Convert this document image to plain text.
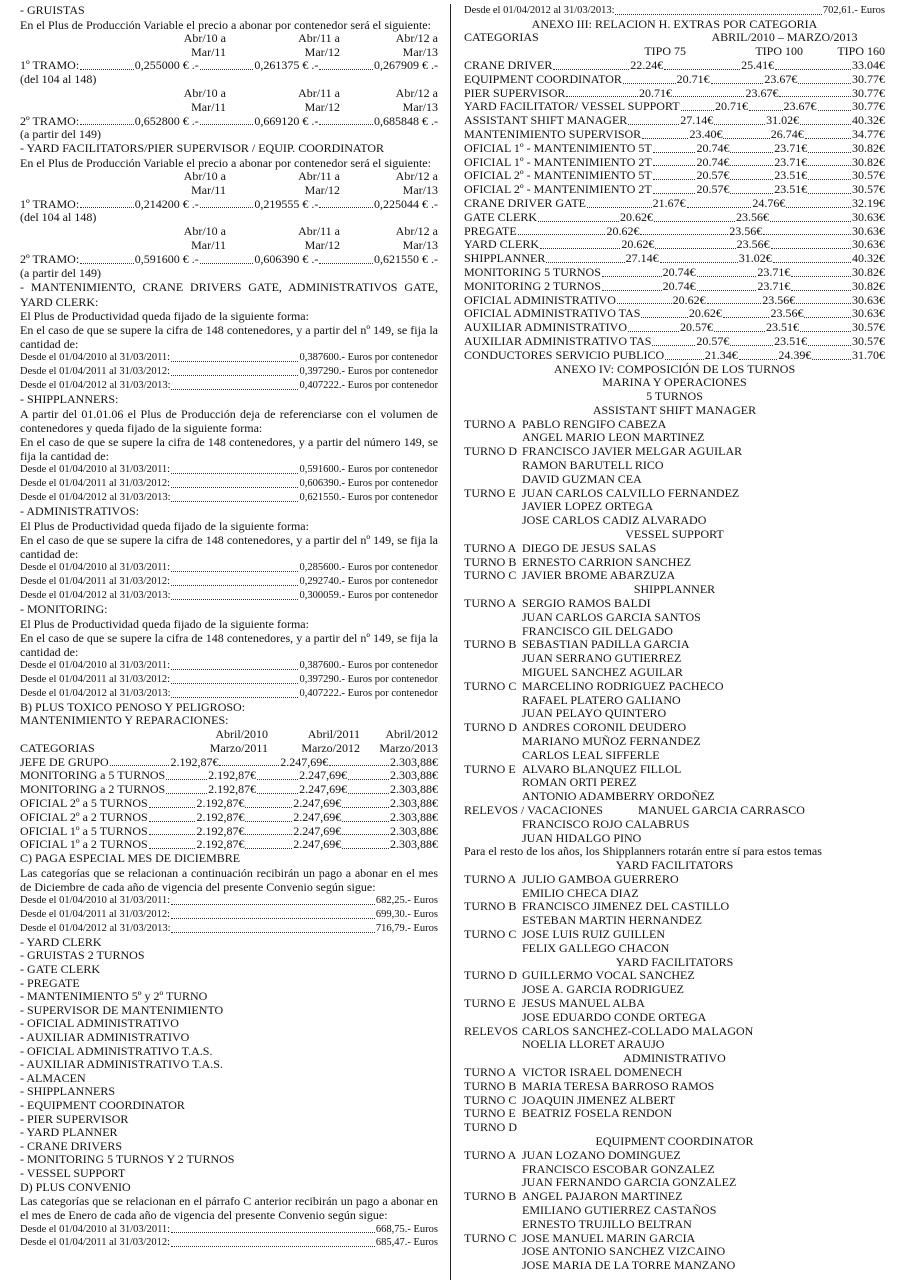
- GRUISTAS
En el Plus de Producción Variable el precio a abonar por contenedor será el siguiente:
Abr/10 a	Abr/11 a	Abr/12 a
Mar/11	Mar/12	Mar/13
1º TRAMO:	0,255000 € .-	0,261375 € .-	0,267909 € .-
(del 104 al 148)
Abr/10 a	Abr/11 a	Abr/12 a
Mar/11	Mar/12	Mar/13
2º TRAMO:	0,652800 € .-	0,669120 € .-	0,685848 € .-
(a partir del 149)
- YARD FACILITATORS/PIER SUPERVISOR / EQUIP. COORDINATOR
En el Plus de Producción Variable el precio a abonar por contenedor será el siguiente:
Abr/10 a	Abr/11 a	Abr/12 a
Mar/11	Mar/12	Mar/13
1º TRAMO:	0,214200 € .-	0,219555 € .-	0,225044 € .-
(del 104 al 148)
Abr/10 a	Abr/11 a	Abr/12 a
Mar/11	Mar/12	Mar/13
2º TRAMO:	0,591600 € .-	0,606390 € .-	0,621550 € .-
(a partir del 149)
- MANTENIMIENTO, CRANE DRIVERS GATE, ADMINISTRATIVOS GATE, YARD CLERK:
El Plus de Productividad queda fijado de la siguiente forma:
En el caso de que se supere la cifra de 148 contenedores, y a partir del nº 149, se fija la cantidad de:
Desde el 01/04/2010 al 31/03/2011:	0,387600.- Euros por contenedor
Desde el 01/04/2011 al 31/03/2012:	0,397290.- Euros por contenedor
Desde el 01/04/2012 al 31/03/2013:	0,407222.- Euros por contenedor
- SHIPPLANNERS:
A partir del 01.01.06 el Plus de Producción deja de referenciarse con el volumen de contenedores y queda fijado de la siguiente forma:
En el caso de que se supere la cifra de 148 contenedores, y a partir del número 149, se fija la cantidad de:
Desde el 01/04/2010 al 31/03/2011:	0,591600.- Euros por contenedor
Desde el 01/04/2011 al 31/03/2012:	0,606390.- Euros por contenedor
Desde el 01/04/2012 al 31/03/2013:	0,621550.- Euros por contenedor
- ADMINISTRATIVOS:
El Plus de Productividad queda fijado de la siguiente forma:
En el caso de que se supere la cifra de 148 contenedores, y a partir del nº 149, se fija la cantidad de:
Desde el 01/04/2010 al 31/03/2011:	0,285600.- Euros por contenedor
Desde el 01/04/2011 al 31/03/2012:	0,292740.- Euros por contenedor
Desde el 01/04/2012 al 31/03/2013:	0,300059.- Euros por contenedor
- MONITORING:
El Plus de Productividad queda fijado de la siguiente forma:
En el caso de que se supere la cifra de 148 contenedores, y a partir del nº 149, se fija la cantidad de:
Desde el 01/04/2010 al 31/03/2011:	0,387600.- Euros por contenedor
Desde el 01/04/2011 al 31/03/2012:	0,397290.- Euros por contenedor
Desde el 01/04/2012 al 31/03/2013:	0,407222.- Euros por contenedor
B) PLUS TOXICO PENOSO Y PELIGROSO:
MANTENIMIENTO Y REPARACIONES:
Abril/2010	Abril/2011	Abril/2012
CATEGORIAS	Marzo/2011	Marzo/2012	Marzo/2013
JEFE DE GRUPO	2.192,87€	2.247,69€	2.303,88€
MONITORING a 5 TURNOS	2.192,87€	2.247,69€	2.303,88€
MONITORING a 2 TURNOS	2.192,87€	2.247,69€	2.303,88€
OFICIAL 2º a 5 TURNOS	2.192,87€	2.247,69€	2.303,88€
OFICIAL 2º a 2 TURNOS	2.192,87€	2.247,69€	2.303,88€
OFICIAL 1º a 5 TURNOS	2.192,87€	2.247,69€	2.303,88€
OFICIAL 1º a 2 TURNOS	2.192,87€	2.247,69€	2.303,88€
C) PAGA ESPECIAL MES DE DICIEMBRE
Las categorías que se relacionan a continuación recibirán un pago a abonar en el mes de Diciembre de cada año de vigencia del presente Convenio según sigue:
Desde el 01/04/2010 al 31/03/2011:	682,25.- Euros
Desde el 01/04/2011 al 31/03/2012:	699,30.- Euros
Desde el 01/04/2012 al 31/03/2013:	716,79.- Euros
- YARD CLERK
- GRUISTAS 2 TURNOS
- GATE CLERK
- PREGATE
- MANTENIMIENTO 5º y 2º TURNO
- SUPERVISOR DE MANTENIMIENTO
- OFICIAL ADMINISTRATIVO
- AUXILIAR ADMINISTRATIVO
- OFICIAL ADMINISTRATIVO T.A.S.
- AUXILIAR ADMINISTRATIVO T.A.S.
- ALMACEN
- SHIPPLANNERS
- EQUIPMENT COORDINATOR
- PIER SUPERVISOR
- YARD PLANNER
- CRANE DRIVERS
- MONITORING 5 TURNOS Y 2 TURNOS
- VESSEL SUPPORT
D) PLUS CONVENIO
Las categorías que se relacionan en el párrafo C anterior recibirán un pago a abonar en el mes de Enero de cada año de vigencia del presente Convenio según sigue:
Desde el 01/04/2010 al 31/03/2011:	668,75.- Euros
Desde el 01/04/2011 al 31/03/2012:	685,47.- Euros
Desde el 01/04/2012 al 31/03/2013:	702,61.- Euros
ANEXO III: RELACION H. EXTRAS POR CATEGORIA
CATEGORIAS	ABRIL/2010 – MARZO/2013
TIPO 75	TIPO 100	TIPO 160
CRANE DRIVER	22.24€	25.41€	33.04€
EQUIPMENT COORDINATOR	20.71€	23.67€	30.77€
PIER SUPERVISOR	20.71€	23.67€	30.77€
YARD FACILITATOR/ VESSEL SUPPORT	20.71€	23.67€	30.77€
ASSISTANT SHIFT MANAGER	27.14€	31.02€	40.32€
MANTENIMIENTO SUPERVISOR	23.40€	26.74€	34.77€
OFICIAL 1º - MANTENIMIENTO 5T	20.74€	23.71€	30.82€
OFICIAL 1º - MANTENIMIENTO 2T	20.74€	23.71€	30.82€
OFICIAL 2º - MANTENIMIENTO 5T	20.57€	23.51€	30.57€
OFICIAL 2º - MANTENIMIENTO 2T	20.57€	23.51€	30.57€
CRANE DRIVER GATE	21.67€	24.76€	32.19€
GATE CLERK	20.62€	23.56€	30.63€
PREGATE	20.62€	23.56€	30.63€
YARD CLERK	20.62€	23.56€	30.63€
SHIPPLANNER	27.14€	31.02€	40.32€
MONITORING 5 TURNOS	20.74€	23.71€	30.82€
MONITORING 2 TURNOS	20.74€	23.71€	30.82€
OFICIAL ADMINISTRATIVO	20.62€	23.56€	30.63€
OFICIAL ADMINISTRATIVO TAS	20.62€	23.56€	30.63€
AUXILIAR ADMINISTRATIVO	20.57€	23.51€	30.57€
AUXILIAR ADMINISTRATIVO TAS	20.57€	23.51€	30.57€
CONDUCTORES SERVICIO PUBLICO	21.34€	24.39€	31.70€
ANEXO IV: COMPOSICIÓN DE LOS TURNOS
MARINA Y OPERACIONES
5 TURNOS
ASSISTANT SHIFT MANAGER
TURNO A PABLO RENGIFO CABEZA
ANGEL MARIO LEON MARTINEZ
TURNO D FRANCISCO JAVIER MELGAR AGUILAR
RAMON BARUTELL RICO
DAVID GUZMAN CEA
TURNO E JUAN CARLOS CALVILLO FERNANDEZ
JAVIER LOPEZ ORTEGA
JOSE CARLOS CADIZ ALVARADO
VESSEL SUPPORT
TURNO A DIEGO DE JESUS SALAS
TURNO B ERNESTO CARRION SANCHEZ
TURNO C JAVIER BROME ABARZUZA
SHIPPLANNER
TURNO A SERGIO RAMOS BALDI
JUAN CARLOS GARCIA SANTOS
FRANCISCO GIL DELGADO
TURNO B SEBASTIAN PADILLA GARCIA
JUAN SERRANO GUTIERREZ
MIGUEL SANCHEZ AGUILAR
TURNO C MARCELINO RODRIGUEZ PACHECO
RAFAEL PLATERO GALIANO
JUAN PELAYO QUINTERO
TURNO D ANDRES CORONIL DEUDERO
MARIANO MUÑOZ FERNANDEZ
CARLOS LEAL SIFFERLE
TURNO E ALVARO BLANQUEZ FILLOL
ROMAN ORTI PEREZ
ANTONIO ADAMBERRY ORDOÑEZ
RELEVOS / VACACIONES	MANUEL GARCIA CARRASCO
FRANCISCO ROJO CALABRUS
JUAN HIDALGO PINO
Para el resto de los años, los Shipplanners rotarán entre sí para estos temas
YARD FACILITATORS
TURNO A JULIO GAMBOA GUERRERO
EMILIO CHECA DIAZ
TURNO B FRANCISCO JIMENEZ DEL CASTILLO
ESTEBAN MARTIN HERNANDEZ
TURNO C JOSE LUIS RUIZ GUILLEN
FELIX GALLEGO CHACON
YARD FACILITATORS
TURNO D GUILLERMO VOCAL SANCHEZ
JOSE A. GARCIA RODRIGUEZ
TURNO E JESUS MANUEL ALBA
JOSE EDUARDO CONDE ORTEGA
RELEVOS CARLOS SANCHEZ-COLLADO MALAGON
NOELIA LLORET ARAUJO
ADMINISTRATIVO
TURNO A VICTOR ISRAEL DOMENECH
TURNO B MARIA TERESA BARROSO RAMOS
TURNO C JOAQUIN JIMENEZ ALBERT
TURNO E BEATRIZ FOSELA RENDON
TURNO D
EQUIPMENT COORDINATOR
TURNO A JUAN LOZANO DOMINGUEZ
FRANCISCO ESCOBAR GONZALEZ
JUAN FERNANDO GARCIA GONZALEZ
TURNO B ANGEL PAJARON MARTINEZ
EMILIANO GUTIERREZ CASTAÑOS
ERNESTO TRUJILLO BELTRAN
TURNO C JOSE MANUEL MARIN GARCIA
JOSE ANTONIO SANCHEZ VIZCAINO
JOSE MARIA DE LA TORRE MANZANO
